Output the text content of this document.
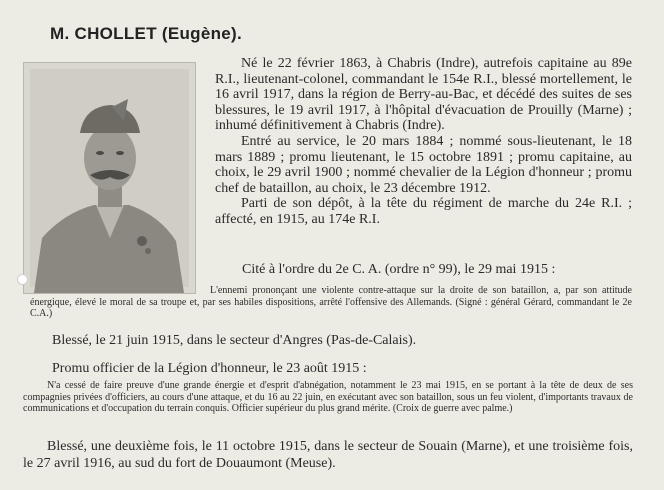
M. CHOLLET (Eugène).

Né le 22 février 1863, à Chabris (Indre), autrefois capitaine au 89e R.I., lieutenant-colonel, commandant le 154e R.I., blessé mortellement, le 16 avril 1917, dans la région de Berry-au-Bac, et décédé des suites de ses blessures, le 19 avril 1917, à l'hôpital d'évacuation de Prouilly (Marne) ; inhumé définitivement à Chabris (Indre).

Entré au service, le 20 mars 1884 ; nommé sous-lieutenant, le 18 mars 1889 ; promu lieutenant, le 15 octobre 1891 ; promu capitaine, au choix, le 29 avril 1900 ; nommé chevalier de la Légion d'honneur ; promu chef de bataillon, au choix, le 23 décembre 1912.

Parti de son dépôt, à la tête du régiment de marche du 24e R.I. ; affecté, en 1915, au 174e R.I.

Cité à l'ordre du 2e C. A. (ordre n° 99), le 29 mai 1915 :

L'ennemi prononçant une violente contre-attaque sur la droite de son bataillon, a, par son attitude énergique, élevé le moral de sa troupe et, par ses habiles dispositions, arrêté l'offensive des Allemands. (Signé : général Gérard, commandant le 2e C.A.)

Blessé, le 21 juin 1915, dans le secteur d'Angres (Pas-de-Calais).
Promu officier de la Légion d'honneur, le 23 août 1915 :

N'a cessé de faire preuve d'une grande énergie et d'esprit d'abnégation, notamment le 23 mai 1915, en se portant à la tête de deux de ses compagnies privées d'officiers, au cours d'une attaque, et du 16 au 22 juin, en exécutant avec son bataillon, sous un feu violent, d'importants travaux de communications et d'occupation du terrain conquis. Officier supérieur du plus grand mérite. (Croix de guerre avec palme.)

Blessé, une deuxième fois, le 11 octobre 1915, dans le secteur de Souain (Marne), et une troisième fois, le 27 avril 1916, au sud du fort de Douaumont (Meuse).
